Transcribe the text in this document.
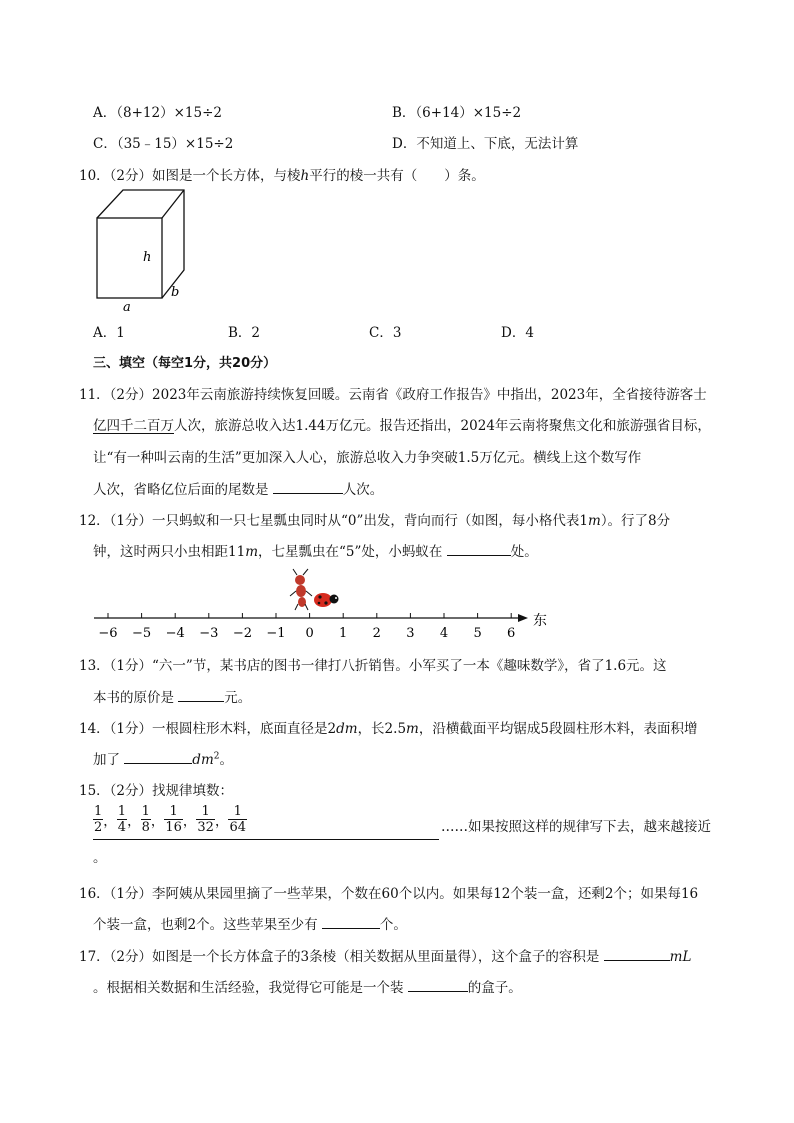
A．（8+12）×15÷2	B．（6+14）×15÷2
C．（35﹣15）×15÷2	D．不知道上、下底，无法计算
10．（2分）如图是一个长方体，与棱h平行的棱一共有（　　）条。
h
b
a
A．1	B．2	C．3	D．4
三、填空（每空1分，共20分）
11．（2分）2023年云南旅游持续恢复回暖。云南省《政府工作报告》中指出，2023年，全省接待游客士
亿四千二百万人次，旅游总收入达1.44万亿元。报告还指出，2024年云南将聚焦文化和旅游强省目标，
让“有一种叫云南的生活”更加深入人心，旅游总收入力争突破1.5万亿元。横线上这个数写作
人次，省略亿位后面的尾数是	人次。
12．（1分）一只蚂蚁和一只七星瓢虫同时从“0”出发，背向而行（如图，每小格代表1m）。行了8分
钟，这时两只小虫相距11m，七星瓢虫在“5”处，小蚂蚁在	处。
−6 −5 −4 −3 −2 −1 0 1 2 3 4 5 6
东
13．（1分）“六一”节，某书店的图书一律打八折销售。小军买了一本《趣味数学》，省了1.6元。这
本书的原价是	元。
14．（1分）一根圆柱形木料，底面直径是2dm，长2.5m，沿横截面平均锯成5段圆柱形木料，表面积增
加了	$dm^2$。
15．（2分）找规律填数：
$\frac{1}{2}$ ， $\frac{1}{4}$ ， $\frac{1}{8}$ ， $\frac{1}{16}$ ， $\frac{1}{32}$ ， $\frac{1}{64}$	……如果按照这样的规律写下去，越来越接近
。
16．（1分）李阿姨从果园里摘了一些苹果，个数在60个以内。如果每12个装一盒，还剩2个；如果每16
个装一盒，也剩2个。这些苹果至少有	个。
17．（2分）如图是一个长方体盒子的3条棱（相关数据从里面量得），这个盒子的容积是	mL
。根据相关数据和生活经验，我觉得它可能是一个装	的盒子。
